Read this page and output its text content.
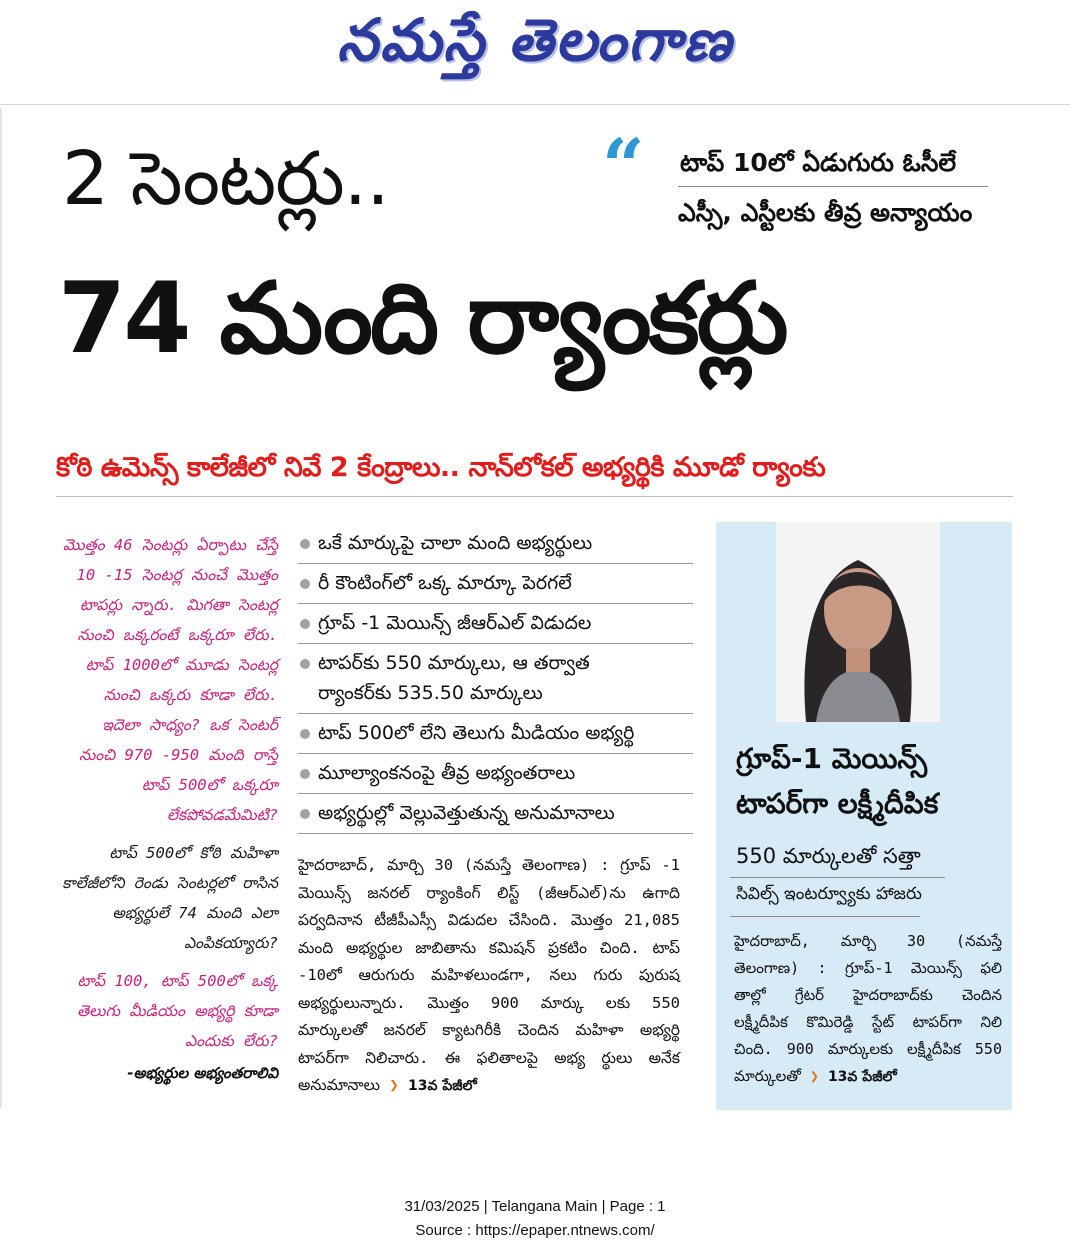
నమస్తే తెలంగాణ
2 సెంటర్లు..
74 మంది ర్యాంకర్లు
“ టాప్ 10లో ఏడుగురు ఓసీలే
ఎస్సీ, ఎస్టీలకు తీవ్ర అన్యాయం
కోఠి ఉమెన్స్ కాలేజీలో నివే 2 కేంద్రాలు.. నాన్‌లోకల్ అభ్యర్థికి మూడో ర్యాంకు

మొత్తం 46 సెంటర్లు ఏర్పాటు చేస్తే 10 -15 సెంటర్ల నుంచే మొత్తం టాపర్లు న్నారు. మిగతా సెంటర్ల నుంచి ఒక్కరంటే ఒక్కరూ లేరు. టాప్ 1000లో మూడు సెంటర్ల నుంచి ఒక్కరు కూడా లేరు. ఇదెలా సాధ్యం? ఒక సెంటర్ నుంచి 970 -950 మంది రాస్తే టాప్ 500లో ఒక్కరూ లేకపోవడమేమిటి?

టాప్ 500లో కోఠి మహిళా కాలేజీలోని రెండు సెంటర్లలో రాసిన అభ్యర్థులే 74 మంది ఎలా ఎంపికయ్యారు?

టాప్ 100, టాప్ 500లో ఒక్క తెలుగు మీడియం అభ్యర్థి కూడా ఎందుకు లేరు?

-అభ్యర్థుల అభ్యంతరాలివి
ఒకే మార్కుపై చాలా మంది అభ్యర్థులు
రీ కౌంటింగ్‌లో ఒక్క మార్కూ పెరగలే
గ్రూప్ -1 మెయిన్స్ జీఆర్‌ఎల్ విడుదల
టాపర్‌కు 550 మార్కులు, ఆ తర్వాత
ర్యాంకర్‌కు 535.50 మార్కులు
టాప్ 500లో లేని తెలుగు మీడియం అభ్యర్థి
మూల్యాంకనంపై తీవ్ర అభ్యంతరాలు
అభ్యర్థుల్లో వెల్లువెత్తుతున్న అనుమానాలు
హైదరాబాద్, మార్చి 30 (నమస్తే తెలంగాణ) : గ్రూప్ -1 మెయిన్స్ జనరల్ ర్యాంకింగ్ లిస్ట్ (జీఆర్‌ఎల్)ను ఉగాది పర్వదినాన టీజీపీఎస్సీ విడుదల చేసింది. మొత్తం 21,085 మంది అభ్యర్థుల జాబితాను కమిషన్ ప్రకటిం చింది. టాప్ -10లో ఆరుగురు మహిళలుండగా, నలు గురు పురుష అభ్యర్థులున్నారు. మొత్తం 900 మార్కు లకు 550 మార్కులతో జనరల్ క్యాటగిరీకి చెందిన మహిళా అభ్యర్థి టాపర్‌గా నిలిచారు. ఈ ఫలితాలపై అభ్య ర్థులు అనేక అనుమానాలు ❯ 13వ పేజీలో
గ్రూప్-1 మెయిన్స్ టాపర్‌గా లక్ష్మీదీపిక
550 మార్కులతో సత్తా
సివిల్స్ ఇంటర్వ్యూకు హాజరు
హైదరాబాద్, మార్చి 30 (నమస్తే తెలంగాణ) : గ్రూప్-1 మెయిన్స్ ఫలి తాల్లో గ్రేటర్ హైదరాబాద్‌కు చెందిన లక్ష్మీదీపిక కొమిరెడ్డి స్టేట్ టాపర్‌గా నిలి చింది. 900 మార్కులకు లక్ష్మీదీపిక 550 మార్కులతో ❯ 13వ పేజీలో
31/03/2025 | Telangana Main | Page : 1
Source : https://epaper.ntnews.com/
